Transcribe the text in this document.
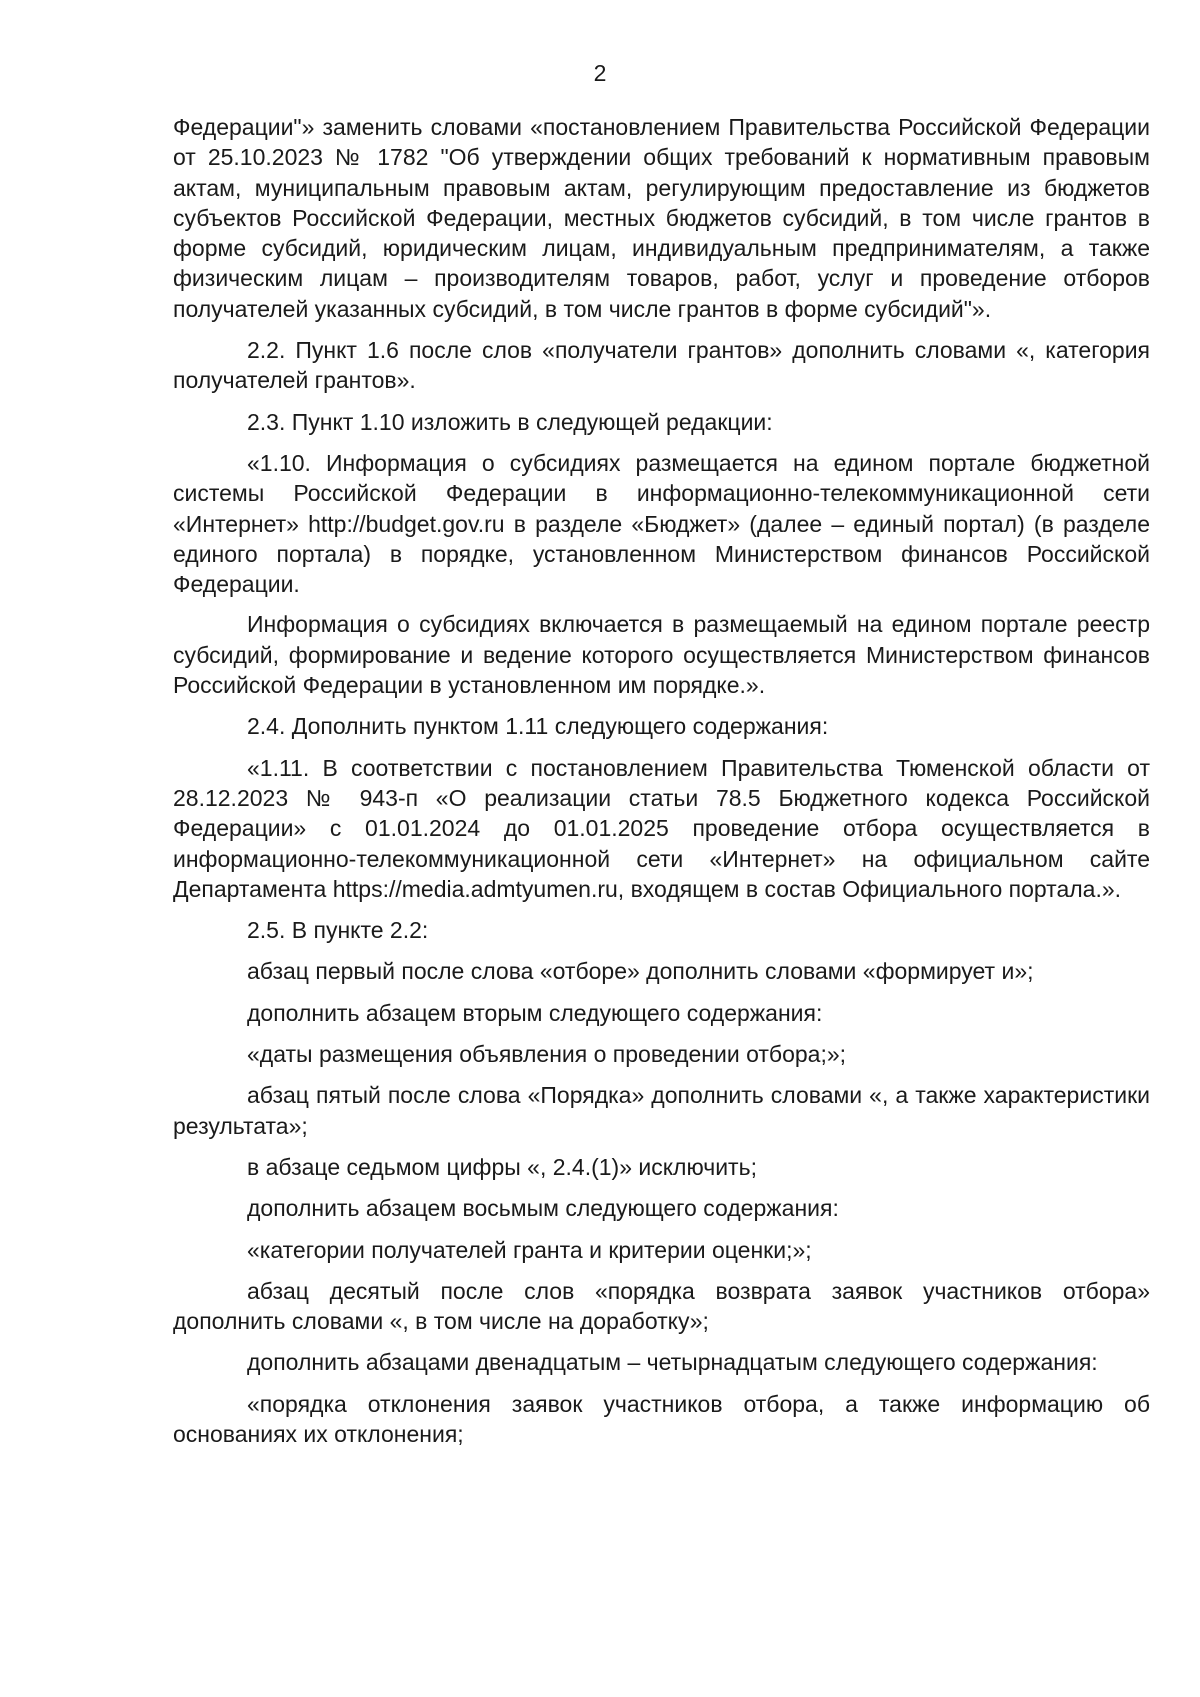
2

Федерации"» заменить словами «постановлением Правительства Российской Федерации от 25.10.2023 № 1782 "Об утверждении общих требований к нормативным правовым актам, муниципальным правовым актам, регулирующим предоставление из бюджетов субъектов Российской Федерации, местных бюджетов субсидий, в том числе грантов в форме субсидий, юридическим лицам, индивидуальным предпринимателям, а также физическим лицам – производителям товаров, работ, услуг и проведение отборов получателей указанных субсидий, в том числе грантов в форме субсидий"».

2.2. Пункт 1.6 после слов «получатели грантов» дополнить словами «, категория получателей грантов».

2.3. Пункт 1.10 изложить в следующей редакции:

«1.10. Информация о субсидиях размещается на едином портале бюджетной системы Российской Федерации в информационно-телекоммуникационной сети «Интернет» http://budget.gov.ru в разделе «Бюджет» (далее – единый портал) (в разделе единого портала) в порядке, установленном Министерством финансов Российской Федерации.

Информация о субсидиях включается в размещаемый на едином портале реестр субсидий, формирование и ведение которого осуществляется Министерством финансов Российской Федерации в установленном им порядке.».

2.4. Дополнить пунктом 1.11 следующего содержания:

«1.11. В соответствии с постановлением Правительства Тюменской области от 28.12.2023 № 943-п «О реализации статьи 78.5 Бюджетного кодекса Российской Федерации» с 01.01.2024 до 01.01.2025 проведение отбора осуществляется в информационно-телекоммуникационной сети «Интернет» на официальном сайте Департамента https://media.admtyumen.ru, входящем в состав Официального портала.».

2.5. В пункте 2.2:

абзац первый после слова «отборе» дополнить словами «формирует и»;

дополнить абзацем вторым следующего содержания:

«даты размещения объявления о проведении отбора;»;

абзац пятый после слова «Порядка» дополнить словами «, а также характеристики результата»;

в абзаце седьмом цифры «, 2.4.(1)» исключить;

дополнить абзацем восьмым следующего содержания:

«категории получателей гранта и критерии оценки;»;

абзац десятый после слов «порядка возврата заявок участников отбора» дополнить словами «, в том числе на доработку»;

дополнить абзацами двенадцатым – четырнадцатым следующего содержания:

«порядка отклонения заявок участников отбора, а также информацию об основаниях их отклонения;
